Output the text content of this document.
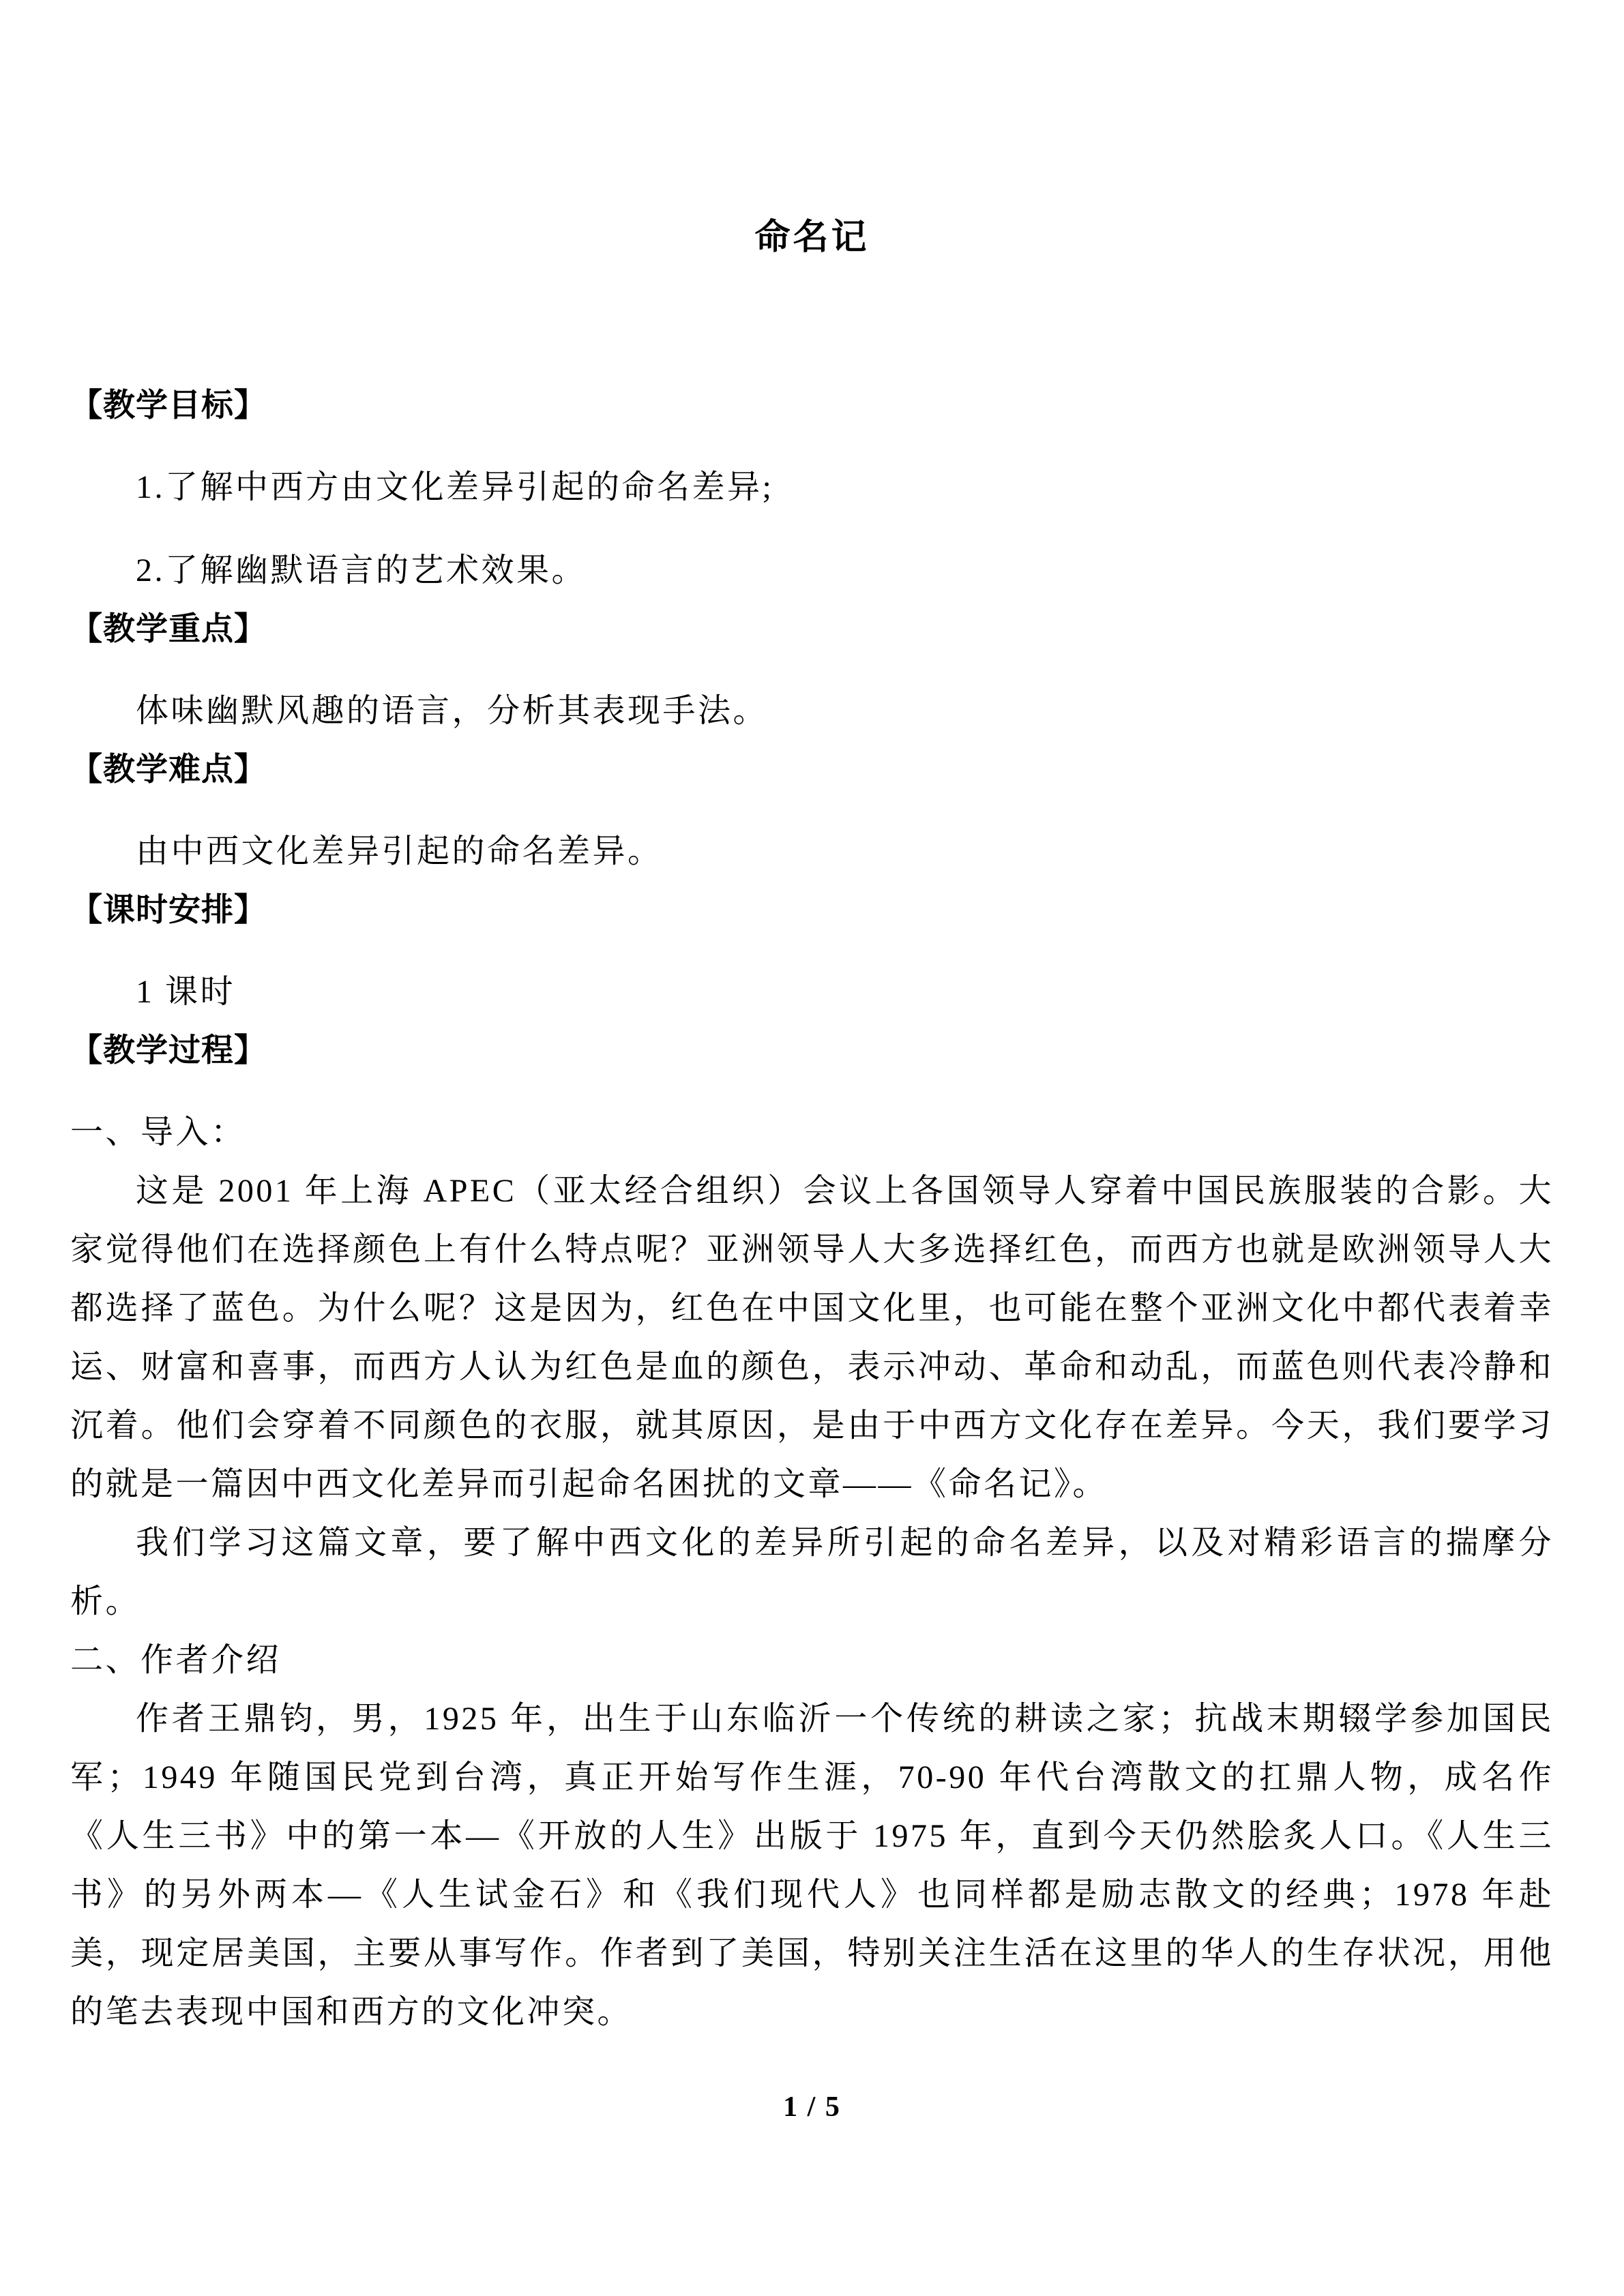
命名记
【教学目标】

1.了解中西方由文化差异引起的命名差异;

2.了解幽默语言的艺术效果。

【教学重点】

体味幽默风趣的语言，分析其表现手法。

【教学难点】

由中西文化差异引起的命名差异。

【课时安排】

1 课时

【教学过程】

一、导入：

这是 2001 年上海 APEC（亚太经合组织）会议上各国领导人穿着中国民族服装的合影。大家觉得他们在选择颜色上有什么特点呢？亚洲领导人大多选择红色，而西方也就是欧洲领导人大都选择了蓝色。为什么呢？这是因为，红色在中国文化里，也可能在整个亚洲文化中都代表着幸运、财富和喜事，而西方人认为红色是血的颜色，表示冲动、革命和动乱，而蓝色则代表冷静和沉着。他们会穿着不同颜色的衣服，就其原因，是由于中西方文化存在差异。今天，我们要学习的就是一篇因中西文化差异而引起命名困扰的文章——《命名记》。

我们学习这篇文章，要了解中西文化的差异所引起的命名差异，以及对精彩语言的揣摩分析。

二、作者介绍

作者王鼎钧，男，1925 年，出生于山东临沂一个传统的耕读之家；抗战末期辍学参加国民军；1949 年随国民党到台湾，真正开始写作生涯，70-90 年代台湾散文的扛鼎人物，成名作《人生三书》中的第一本—《开放的人生》出版于 1975 年，直到今天仍然脍炙人口。《人生三书》的另外两本—《人生试金石》和《我们现代人》也同样都是励志散文的经典；1978 年赴美，现定居美国，主要从事写作。作者到了美国，特别关注生活在这里的华人的生存状况，用他的笔去表现中国和西方的文化冲突。

1 / 5
